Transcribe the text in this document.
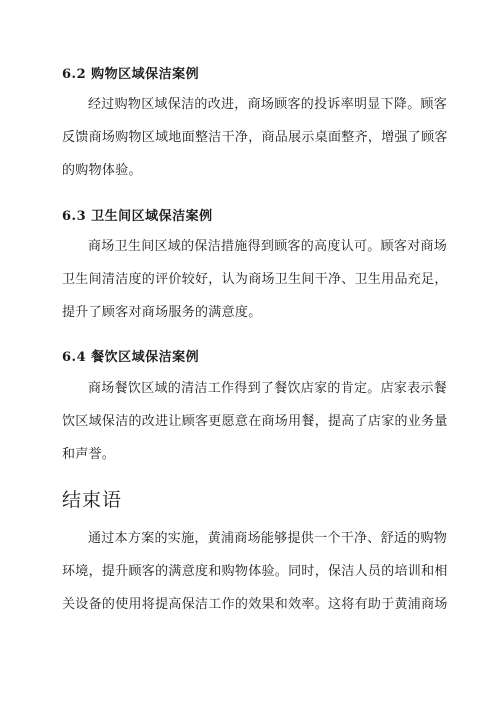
6.2 购物区域保洁案例
经过购物区域保洁的改进，商场顾客的投诉率明显下降。顾客
反馈商场购物区域地面整洁干净，商品展示桌面整齐，增强了顾客
的购物体验。
6.3 卫生间区域保洁案例
商场卫生间区域的保洁措施得到顾客的高度认可。顾客对商场
卫生间清洁度的评价较好，认为商场卫生间干净、卫生用品充足，
提升了顾客对商场服务的满意度。
6.4 餐饮区域保洁案例
商场餐饮区域的清洁工作得到了餐饮店家的肯定。店家表示餐
饮区域保洁的改进让顾客更愿意在商场用餐，提高了店家的业务量
和声誉。
结束语
通过本方案的实施，黄浦商场能够提供一个干净、舒适的购物
环境，提升顾客的满意度和购物体验。同时，保洁人员的培训和相
关设备的使用将提高保洁工作的效果和效率。这将有助于黄浦商场
